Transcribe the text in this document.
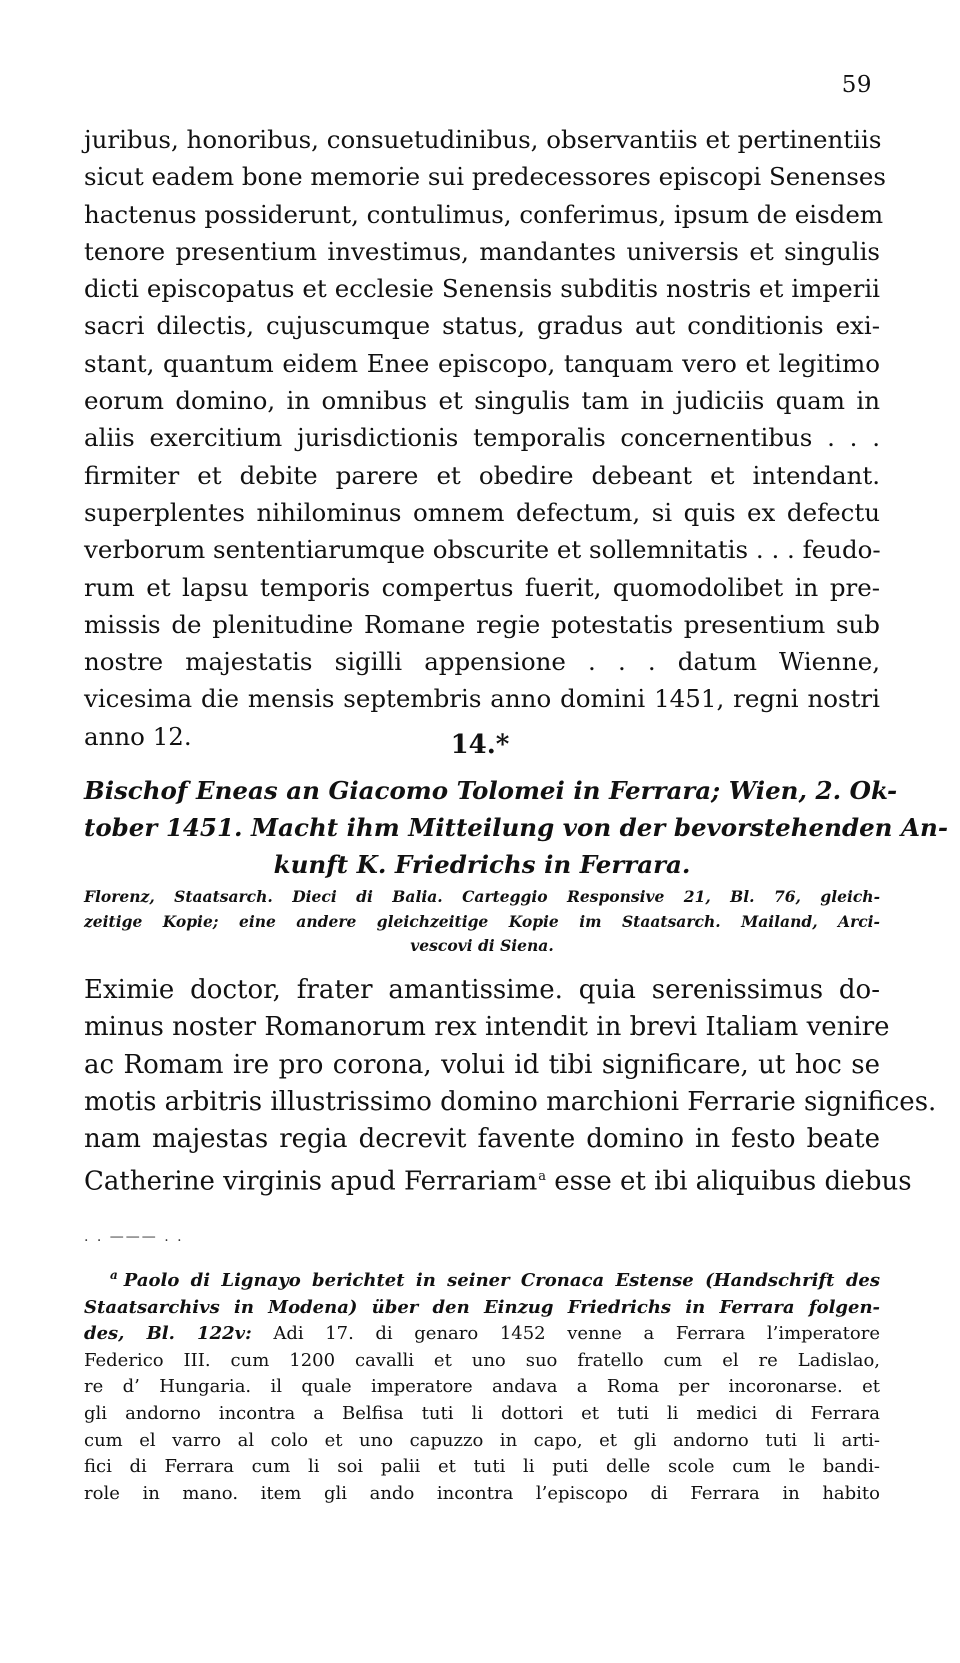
59
juribus, honoribus, consuetudinibus, observantiis et pertinentiis
sicut eadem bone memorie sui predecessores episcopi Senenses
hactenus possiderunt, contulimus, conferimus, ipsum de eisdem
tenore presentium investimus, mandantes universis et singulis
dicti episcopatus et ecclesie Senensis subditis nostris et imperii
sacri dilectis, cujuscumque status, gradus aut conditionis exi-
stant, quantum eidem Enee episcopo, tanquam vero et legitimo
eorum domino, in omnibus et singulis tam in judiciis quam in
aliis exercitium jurisdictionis temporalis concernentibus . . .
firmiter et debite parere et obedire debeant et intendant.
superplentes nihilominus omnem defectum, si quis ex defectu
verborum sententiarumque obscurite et sollemnitatis . . . feudo-
rum et lapsu temporis compertus fuerit, quomodolibet in pre-
missis de plenitudine Romane regie potestatis presentium sub
nostre majestatis sigilli appensione . . . datum Wienne,
vicesima die mensis septembris anno domini 1451, regni nostri
anno 12.	14.*
Bischof Eneas an Giacomo Tolomei in Ferrara; Wien, 2. Ok-
tober 1451. Macht ihm Mitteilung von der bevorstehenden An-
kunft K. Friedrichs in Ferrara.
Florenz, Staatsarch. Dieci di Balia. Carteggio Responsive 21, Bl. 76, gleich-
zeitige Kopie; eine andere gleichzeitige Kopie im Staatsarch. Mailand, Arci-
vescovi di Siena.
Eximie doctor, frater amantissime. quia serenissimus do-
minus noster Romanorum rex intendit in brevi Italiam venire
ac Romam ire pro corona, volui id tibi significare, ut hoc se
motis arbitris illustrissimo domino marchioni Ferrarie significes.
nam majestas regia decrevit favente domino in festo beate
Catherine virginis apud Ferrariam$^a$ esse et ibi aliquibus diebus
. . ——— . .
$^a$ Paolo di Lignayo berichtet in seiner Cronaca Estense (Handschrift des
Staatsarchivs in Modena) über den Einzug Friedrichs in Ferrara folgen-
des, Bl. 122v: Adi 17. di genaro 1452 venne a Ferrara l’imperatore
Federico III. cum 1200 cavalli et uno suo fratello cum el re Ladislao,
re d’ Hungaria. il quale imperatore andava a Roma per incoronarse. et
gli andorno incontra a Belfisa tuti li dottori et tuti li medici di Ferrara
cum el varro al colo et uno capuzzo in capo, et gli andorno tuti li arti-
fici di Ferrara cum li soi palii et tuti li puti delle scole cum le bandi-
role in mano. item gli ando incontra l’episcopo di Ferrara in habito
